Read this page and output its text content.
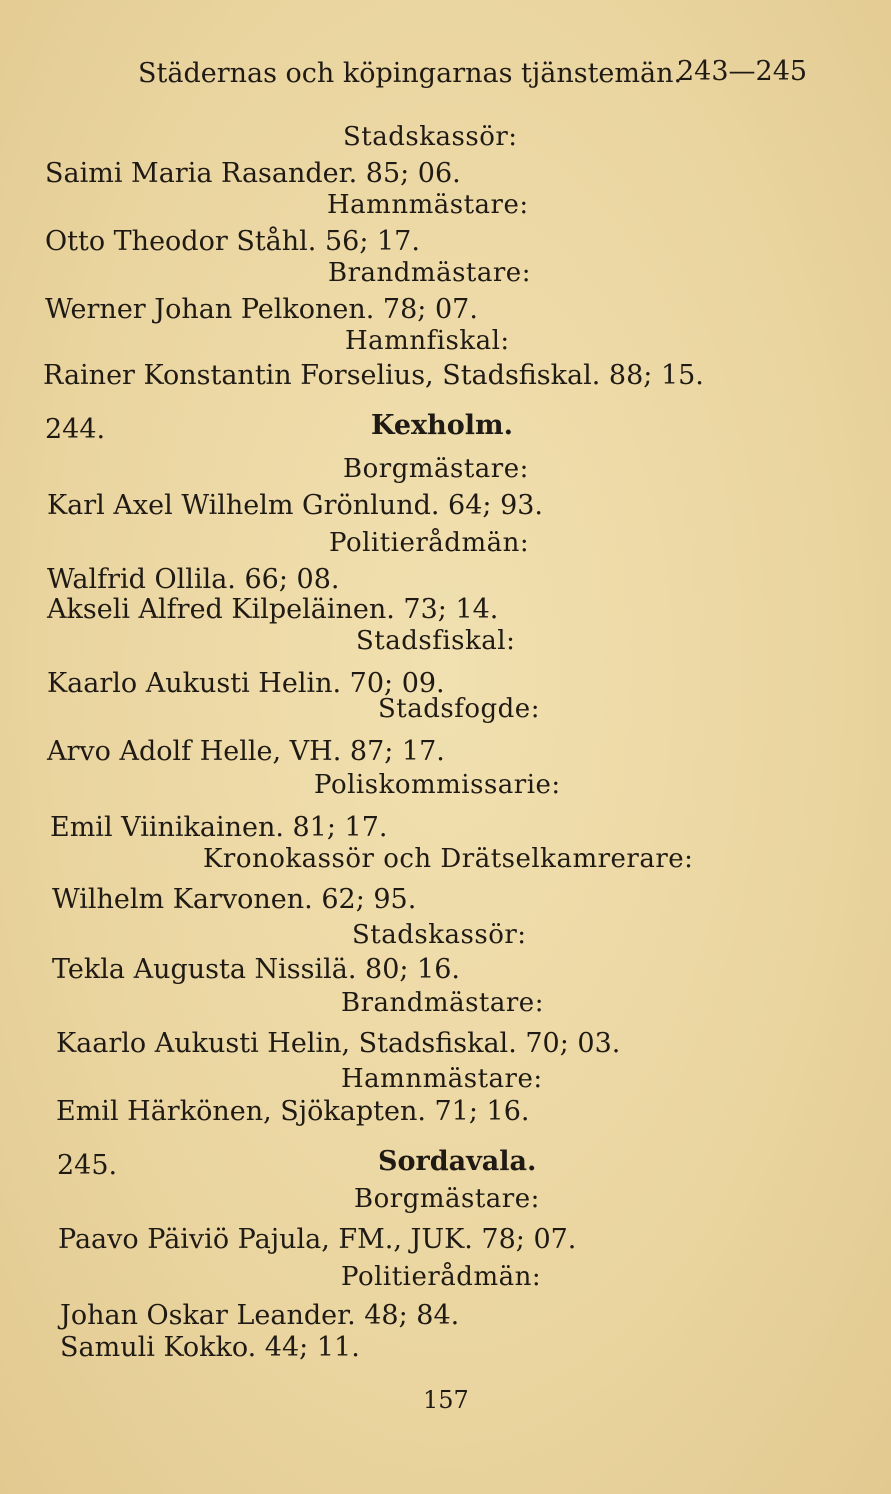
Städernas och köpingarnas tjänstemän.
243—245
Stadskassör:
Saimi Maria Rasander. 85; 06.
Hamnmästare:
Otto Theodor Ståhl. 56; 17.
Brandmästare:
Werner Johan Pelkonen. 78; 07.
Hamnfiskal:
Rainer Konstantin Forselius, Stadsfiskal. 88; 15.
244.	Kexholm.
Borgmästare:
Karl Axel Wilhelm Grönlund. 64; 93.
Politierådmän:
Walfrid Ollila. 66; 08.
Akseli Alfred Kilpeläinen. 73; 14.
Stadsfiskal:
Kaarlo Aukusti Helin. 70; 09.
Stadsfogde:
Arvo Adolf Helle, VH. 87; 17.
Poliskommissarie:
Emil Viinikainen. 81; 17.
Kronokassör och Drätselkamrerare:
Wilhelm Karvonen. 62; 95.
Stadskassör:
Tekla Augusta Nissilä. 80; 16.
Brandmästare:
Kaarlo Aukusti Helin, Stadsfiskal. 70; 03.
Hamnmästare:
Emil Härkönen, Sjökapten. 71; 16.
245.	Sordavala.
Borgmästare:
Paavo Päiviö Pajula, FM., JUK. 78; 07.
Politierådmän:
Johan Oskar Leander. 48; 84.
Samuli Kokko. 44; 11.
157
